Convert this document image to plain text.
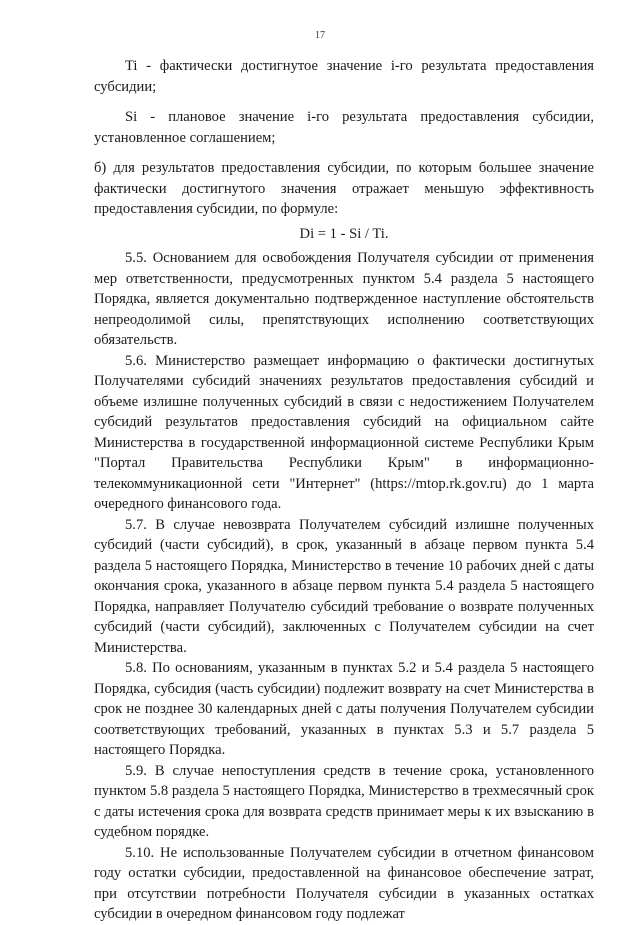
17

Ti - фактически достигнутое значение i-го результата предоставления субсидии;

Si - плановое значение i-го результата предоставления субсидии, установленное соглашением;

б) для результатов предоставления субсидии, по которым большее значение фактически достигнутого значения отражает меньшую эффективность предоставления субсидии, по формуле:

Di = 1 - Si / Ti.

5.5. Основанием для освобождения Получателя субсидии от применения мер ответственности, предусмотренных пунктом 5.4 раздела 5 настоящего Порядка, является документально подтвержденное наступление обстоятельств непреодолимой силы, препятствующих исполнению соответствующих обязательств.

5.6. Министерство размещает информацию о фактически достигнутых Получателями субсидий значениях результатов предоставления субсидий и объеме излишне полученных субсидий в связи с недостижением Получателем субсидий результатов предоставления субсидий на официальном сайте Министерства в государственной информационной системе Республики Крым "Портал Правительства Республики Крым" в информационно-телекоммуникационной сети "Интернет" (https://mtop.rk.gov.ru) до 1 марта очередного финансового года.

5.7. В случае невозврата Получателем субсидий излишне полученных субсидий (части субсидий), в срок, указанный в абзаце первом пункта 5.4 раздела 5 настоящего Порядка, Министерство в течение 10 рабочих дней с даты окончания срока, указанного в абзаце первом пункта 5.4 раздела 5 настоящего Порядка, направляет Получателю субсидий требование о возврате полученных субсидий (части субсидий), заключенных с Получателем субсидии на счет Министерства.

5.8. По основаниям, указанным в пунктах 5.2 и 5.4 раздела 5 настоящего Порядка, субсидия (часть субсидии) подлежит возврату на счет Министерства в срок не позднее 30 календарных дней с даты получения Получателем субсидии соответствующих требований, указанных в пунктах 5.3 и 5.7 раздела 5 настоящего Порядка.

5.9. В случае непоступления средств в течение срока, установленного пунктом 5.8 раздела 5 настоящего Порядка, Министерство в трехмесячный срок с даты истечения срока для возврата средств принимает меры к их взысканию в судебном порядке.

5.10. Не использованные Получателем субсидии в отчетном финансовом году остатки субсидии, предоставленной на финансовое обеспечение затрат, при отсутствии потребности Получателя субсидии в указанных остатках субсидии в очередном финансовом году подлежат
